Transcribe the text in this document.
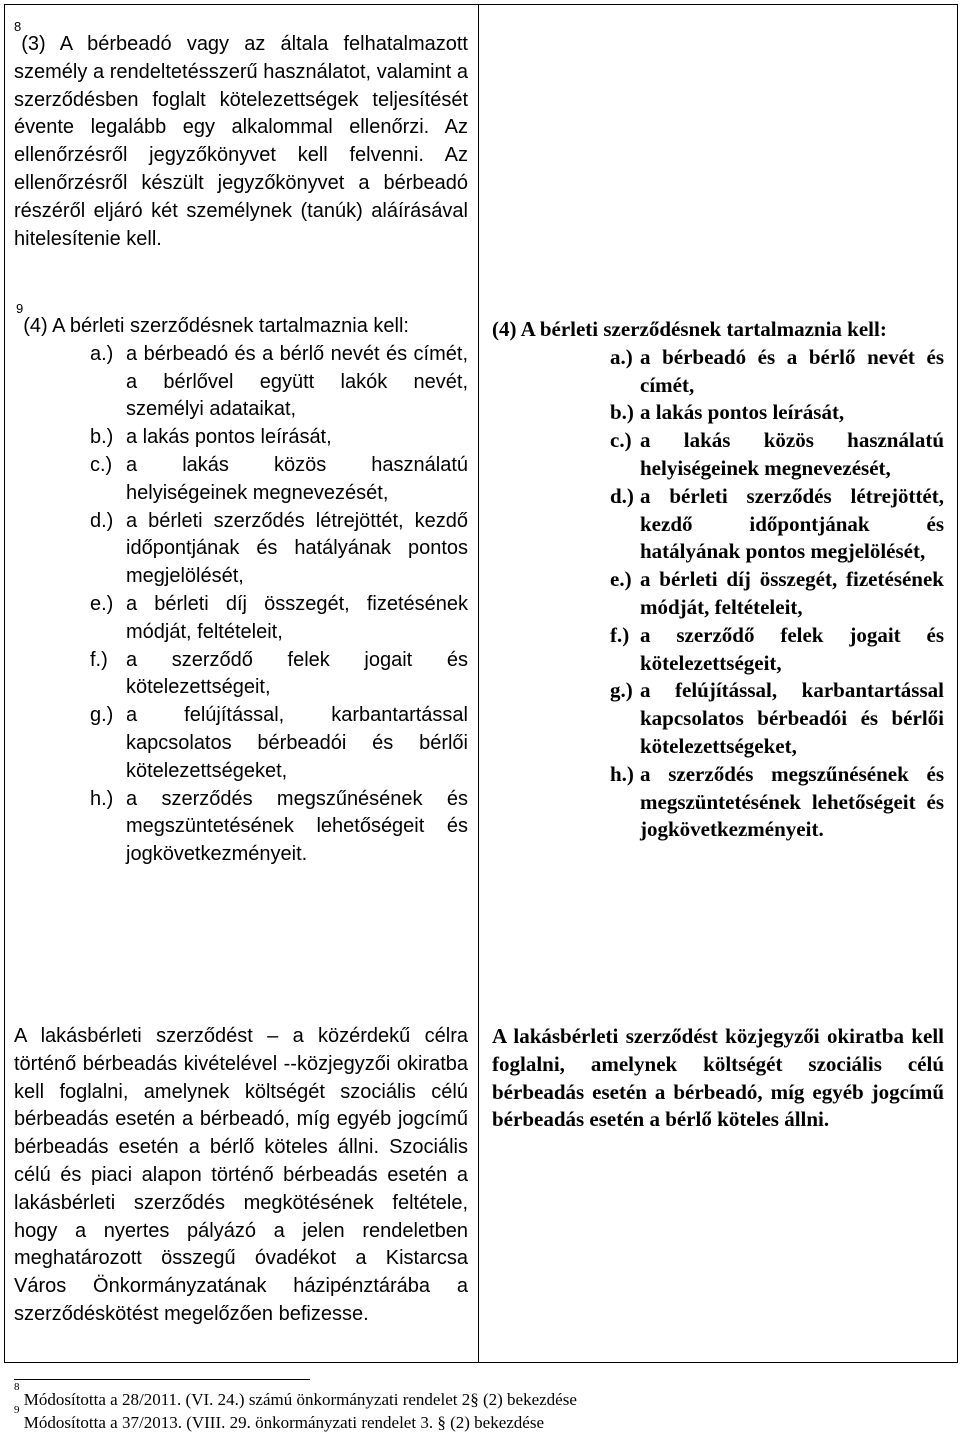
$^8$(3) A bérbeadó vagy az általa felhatalmazott személy a rendeltetésszerű használatot, valamint a szerződésben foglalt kötelezettségek teljesítését évente legalább egy alkalommal ellenőrzi. Az ellenőrzésről jegyzőkönyvet kell felvenni. Az ellenőrzésről készült jegyzőkönyvet a bérbeadó részéről eljáró két személynek (tanúk) aláírásával hitelesítenie kell.

$^9$(4) A bérleti szerződésnek tartalmaznia kell:

a.) a bérbeadó és a bérlő nevét és címét, a bérlővel együtt lakók nevét, személyi adataikat,
b.) a lakás pontos leírását,
c.) a lakás közös használatú helyiségeinek megnevezését,
d.) a bérleti szerződés létrejöttét, kezdő időpontjának és hatályának pontos megjelölését,
e.) a bérleti díj összegét, fizetésének módját, feltételeit,
f.) a szerződő felek jogait és kötelezettségeit,
g.) a felújítással, karbantartással kapcsolatos bérbeadói és bérlői kötelezettségeket,
h.) a szerződés megszűnésének és megszüntetésének lehetőségeit és jogkövetkezményeit.

A lakásbérleti szerződést – a közérdekű célra történő bérbeadás kivételével --közjegyzői okiratba kell foglalni, amelynek költségét szociális célú bérbeadás esetén a bérbeadó, míg egyéb jogcímű bérbeadás esetén a bérlő köteles állni. Szociális célú és piaci alapon történő bérbeadás esetén a lakásbérleti szerződés megkötésének feltétele, hogy a nyertes pályázó a jelen rendeletben meghatározott összegű óvadékot a Kistarcsa Város Önkormányzatának házipénztárába a szerződéskötést megelőzően befizesse.

(4) A bérleti szerződésnek tartalmaznia kell:

a.) a bérbeadó és a bérlő nevét és címét,
b.) a lakás pontos leírását,
c.) a lakás közös használatú helyiségeinek megnevezését,
d.) a bérleti szerződés létrejöttét, kezdő időpontjának és hatályának pontos megjelölését,
e.) a bérleti díj összegét, fizetésének módját, feltételeit,
f.) a szerződő felek jogait és kötelezettségeit,
g.) a felújítással, karbantartással kapcsolatos bérbeadói és bérlői kötelezettségeket,
h.) a szerződés megszűnésének és megszüntetésének lehetőségeit és jogkövetkezményeit.

A lakásbérleti szerződést közjegyzői okiratba kell foglalni, amelynek költségét szociális célú bérbeadás esetén a bérbeadó, míg egyéb jogcímű bérbeadás esetén a bérlő köteles állni.

$^8$ Módosította a 28/2011. (VI. 24.) számú önkormányzati rendelet 2§ (2) bekezdése
$^9$ Módosította a 37/2013. (VIII. 29. önkormányzati rendelet 3. § (2) bekezdése
